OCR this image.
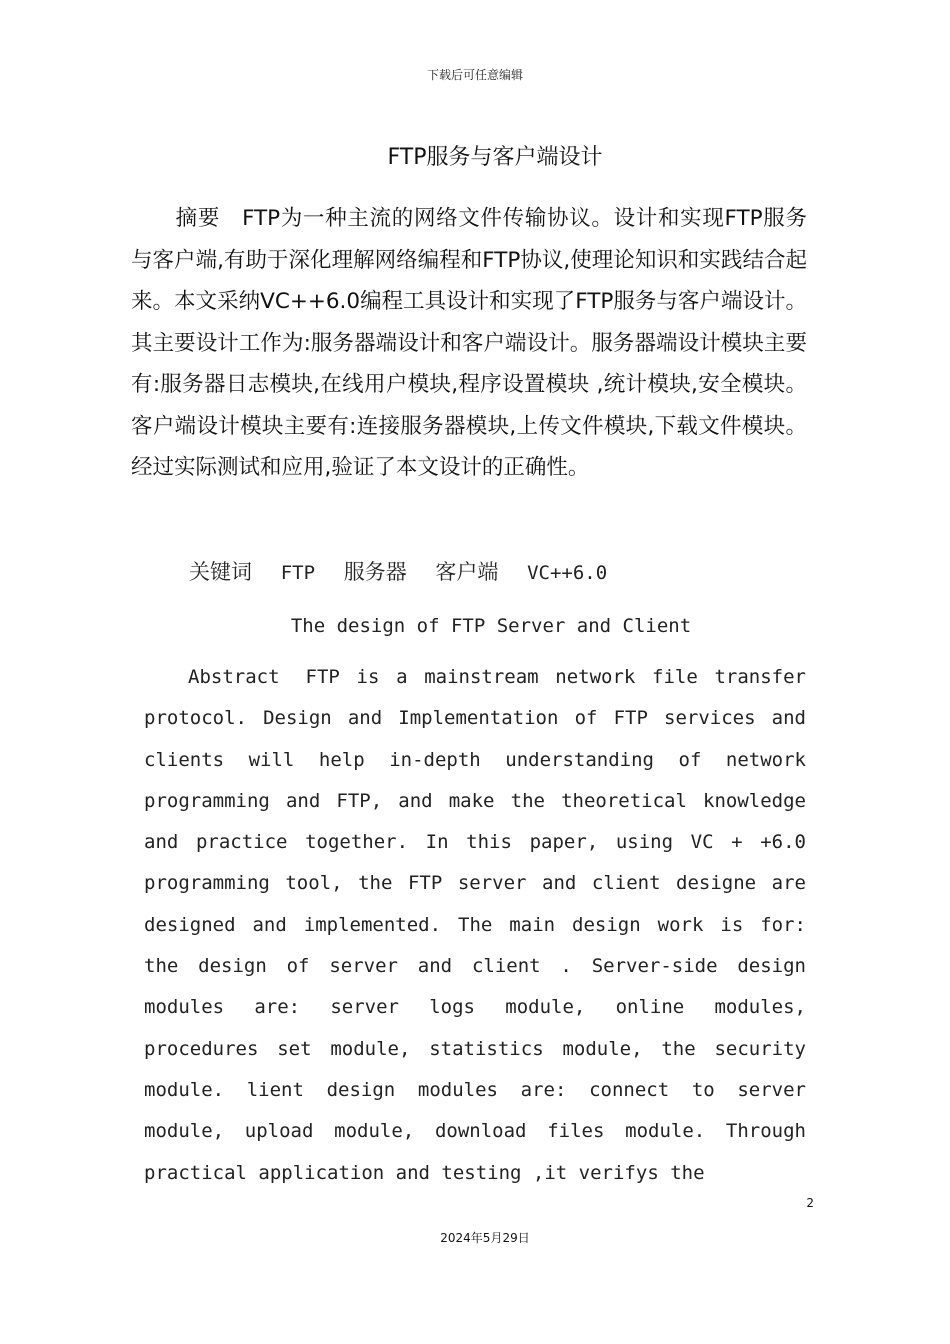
下载后可任意编辑
FTP服务与客户端设计

摘要 FTP为一种主流的网络文件传输协议。设计和实现FTP服务与客户端,有助于深化理解网络编程和FTP协议,使理论知识和实践结合起来。本文采纳VC++6.0编程工具设计和实现了FTP服务与客户端设计。其主要设计工作为:服务器端设计和客户端设计。服务器端设计模块主要有:服务器日志模块,在线用户模块,程序设置模块 ,统计模块,安全模块。客户端设计模块主要有:连接服务器模块,上传文件模块,下载文件模块。经过实际测试和应用,验证了本文设计的正确性。

关键词 FTP 服务器 客户端 VC++6.0
The design of FTP Server and Client

Abstract FTP is a mainstream network file transfer protocol. Design and Implementation of FTP services and clients will help in-depth understanding of network programming and FTP, and make the theoretical knowledge and practice together. In this paper, using VC + +6.0 programming tool, the FTP server and client designe are designed and implemented. The main design work is for: the design of server and client . Server-side design modules are: server logs module, online modules, procedures set module, statistics module, the security module. lient design modules are: connect to server module, upload module, download files module. Through practical application and testing ,it verifys the

2
2024年5月29日
